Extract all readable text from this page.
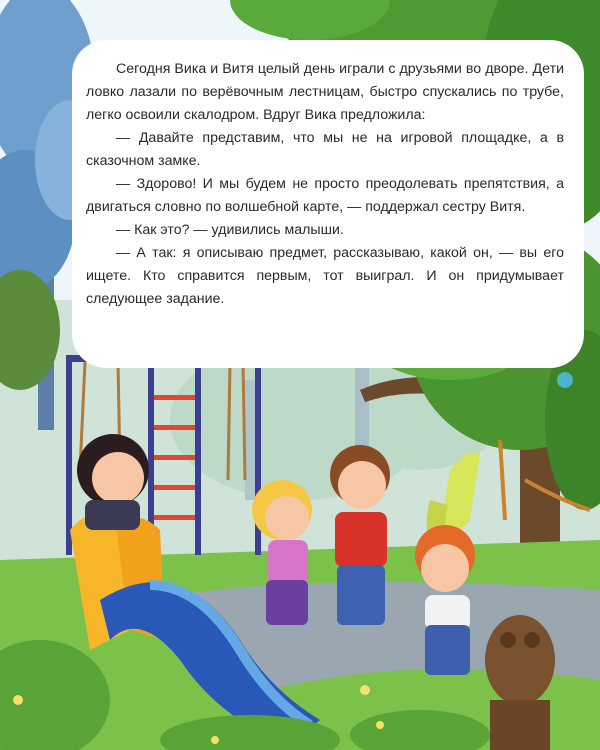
Сегодня Вика и Витя целый день играли с друзьями во дворе. Дети ловко лазали по верёвочным лестницам, быстро спускались по трубе, легко освоили скалодром. Вдруг Вика предложила:

— Давайте представим, что мы не на игровой площадке, а в сказочном замке.

— Здорово! И мы будем не просто преодолевать препятствия, а двигаться словно по волшебной карте, — поддержал сестру Витя.

— Как это? — удивились малыши.

— А так: я описываю предмет, рассказываю, какой он, — вы его ищете. Кто справится первым, тот выиграл. И он придумывает следующее задание.
